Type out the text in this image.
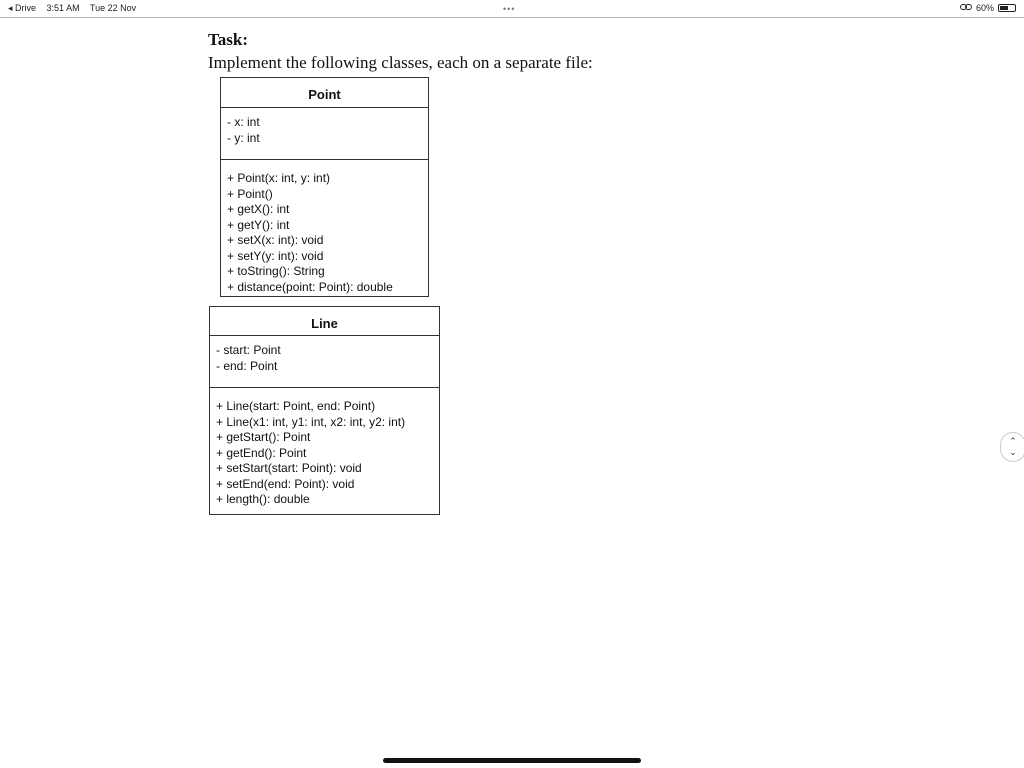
◂ Drive 3:51 AM Tue 22 Nov	•••	60%
Task:
Implement the following classes, each on a separate file:
Point
- x: int
- y: int
+ Point(x: int, y: int)
+ Point()
+ getX(): int
+ getY(): int
+ setX(x: int): void
+ setY(y: int): void
+ toString(): String
+ distance(point: Point): double
Line
- start: Point
- end: Point
+ Line(start: Point, end: Point)
+ Line(x1: int, y1: int, x2: int, y2: int)
+ getStart(): Point
+ getEnd(): Point
+ setStart(start: Point): void
+ setEnd(end: Point): void
+ length(): double
⌃
⌄
